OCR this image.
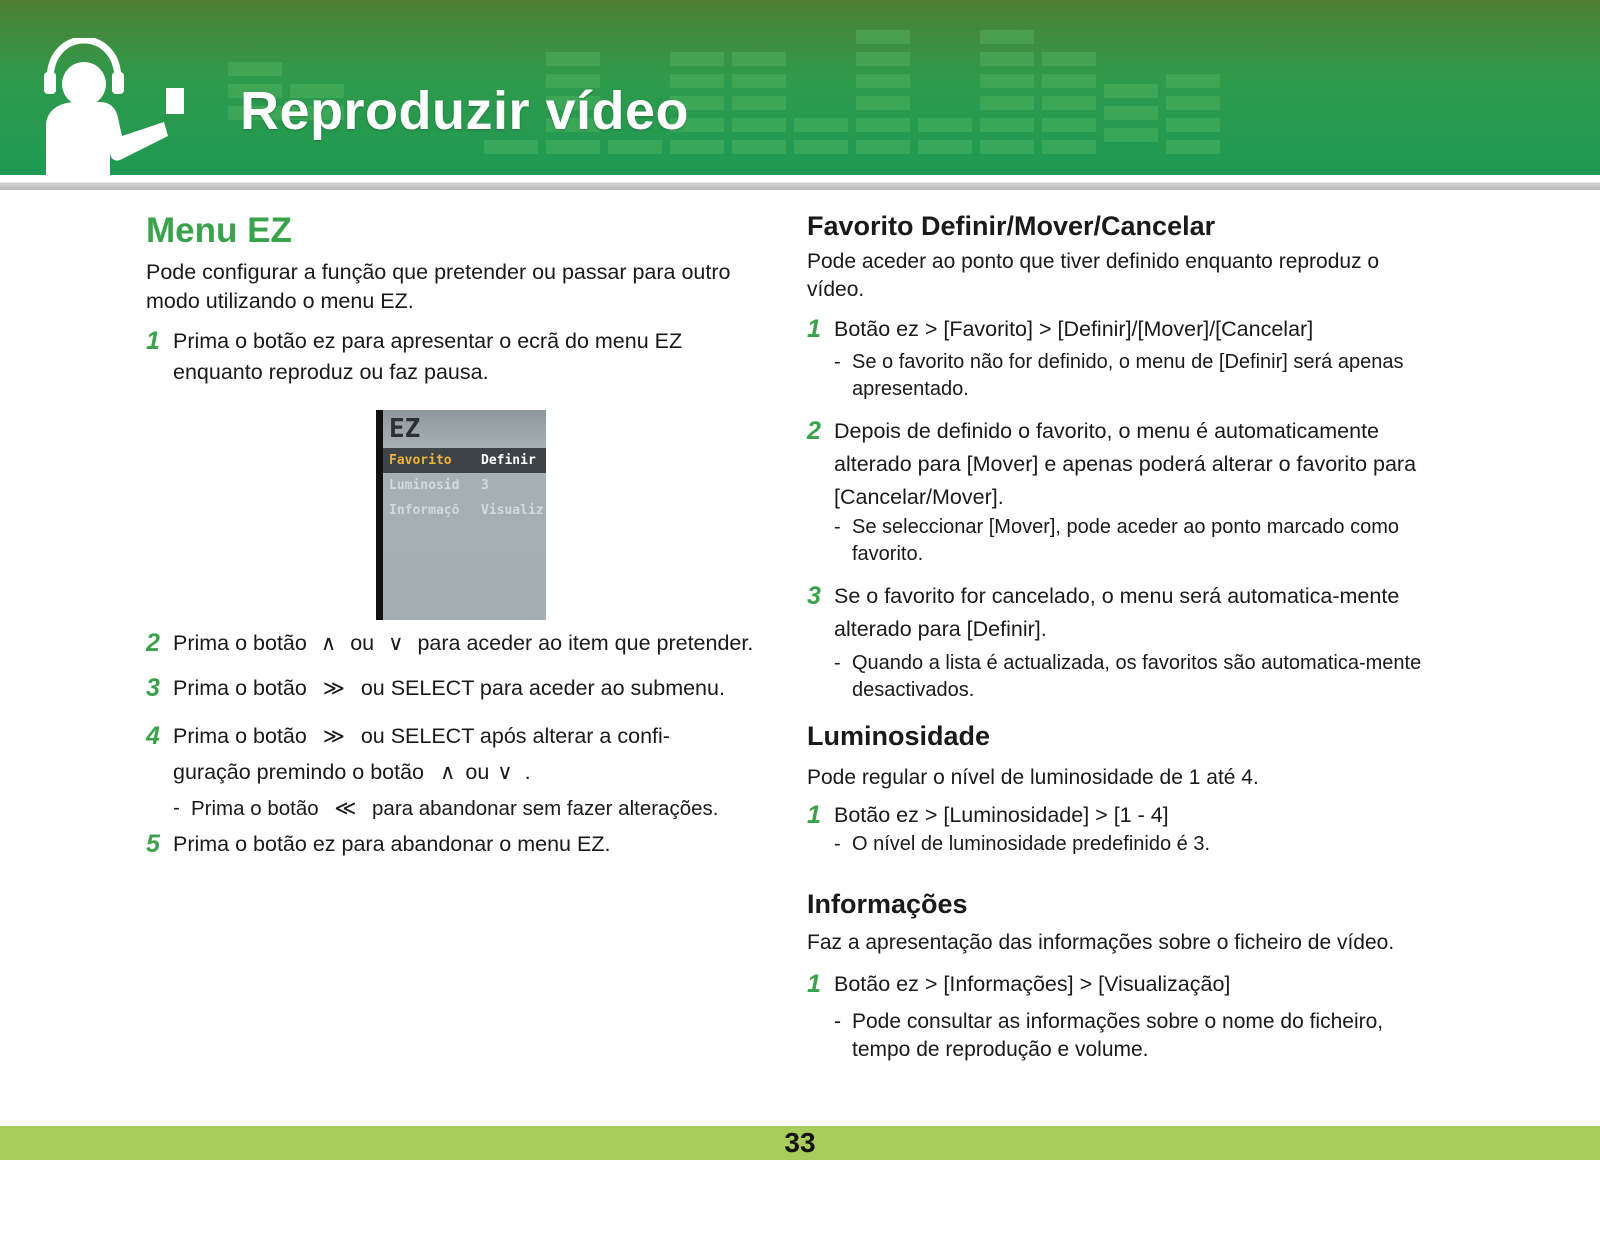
Reproduzir vídeo
Menu EZ

Pode configurar a função que pretender ou passar para outro modo utilizando o menu EZ.

1 Prima o botão ez para apresentar o ecrã do menu EZ
enquanto reproduz ou faz pausa.
EZ
Favorito Definir
Luminosid 3
Informaçõ Visualiz
2 Prima o botão ∧ ou ∨ para aceder ao item que pretender.
3 Prima o botão ≫ ou SELECT para aceder ao submenu.
4 Prima o botão ≫ ou SELECT após alterar a confi-
guração premindo o botão ∧ ou ∨ .
- Prima o botão ≪ para abandonar sem fazer alterações.
5 Prima o botão ez para abandonar o menu EZ.
Favorito Definir/Mover/Cancelar

Pode aceder ao ponto que tiver definido enquanto reproduz o vídeo.

1 Botão ez > [Favorito] > [Definir]/[Mover]/[Cancelar]
- Se o favorito não for definido, o menu de [Definir] será apenas apresentado.
2 Depois de definido o favorito, o menu é automaticamente alterado para [Mover] e apenas poderá alterar o favorito para [Cancelar/Mover].
- Se seleccionar [Mover], pode aceder ao ponto marcado como favorito.
3 Se o favorito for cancelado, o menu será automatica-mente alterado para [Definir].
- Quando a lista é actualizada, os favoritos são automatica-mente desactivados.
Luminosidade

Pode regular o nível de luminosidade de 1 até 4.

1 Botão ez > [Luminosidade] > [1 - 4]
- O nível de luminosidade predefinido é 3.
Informações

Faz a apresentação das informações sobre o ficheiro de vídeo.

1 Botão ez > [Informações] > [Visualização]
- Pode consultar as informações sobre o nome do ficheiro, tempo de reprodução e volume.
33
